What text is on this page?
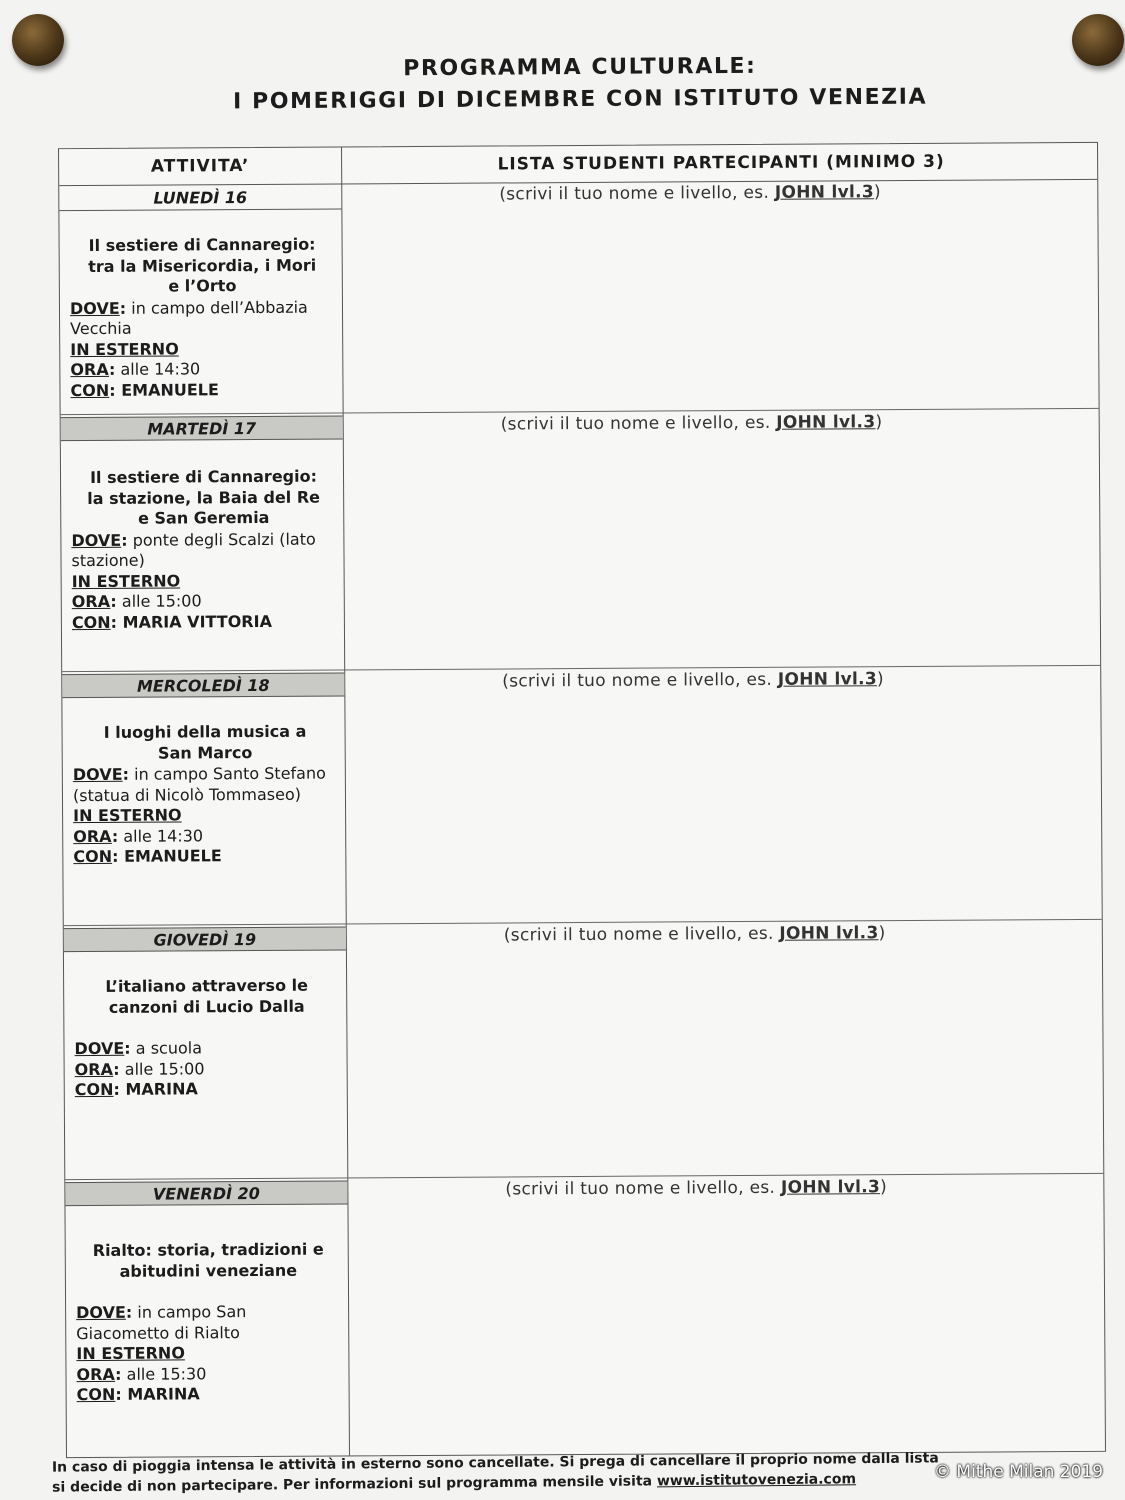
PROGRAMMA CULTURALE:
I POMERIGGI DI DICEMBRE CON ISTITUTO VENEZIA
ATTIVITA’	LISTA STUDENTI PARTECIPANTI (MINIMO 3)
LUNEDÌ 16
Il sestiere di Cannaregio:
tra la Misericordia, i Mori
e l’Orto
DOVE: in campo dell’Abbazia Vecchia
IN ESTERNO
ORA: alle 14:30
CON: EMANUELE
(scrivi il tuo nome e livello, es. JOHN lvl.3)
MARTEDÌ 17
Il sestiere di Cannaregio:
la stazione, la Baia del Re
e San Geremia
DOVE: ponte degli Scalzi (lato stazione)
IN ESTERNO
ORA: alle 15:00
CON: MARIA VITTORIA
(scrivi il tuo nome e livello, es. JOHN lvl.3)
MERCOLEDÌ 18
I luoghi della musica a
San Marco
DOVE: in campo Santo Stefano (statua di Nicolò Tommaseo)
IN ESTERNO
ORA: alle 14:30
CON: EMANUELE
(scrivi il tuo nome e livello, es. JOHN lvl.3)
GIOVEDÌ 19
L’italiano attraverso le
canzoni di Lucio Dalla
DOVE: a scuola
ORA: alle 15:00
CON: MARINA
(scrivi il tuo nome e livello, es. JOHN lvl.3)
VENERDÌ 20
Rialto: storia, tradizioni e
abitudini veneziane
DOVE: in campo San Giacometto di Rialto
IN ESTERNO
ORA: alle 15:30
CON: MARINA
(scrivi il tuo nome e livello, es. JOHN lvl.3)
In caso di pioggia intensa le attività in esterno sono cancellate. Si prega di cancellare il proprio nome dalla lista
si decide di non partecipare. Per informazioni sul programma mensile visita www.istitutovenezia.com	© Mithe Milan 2019
